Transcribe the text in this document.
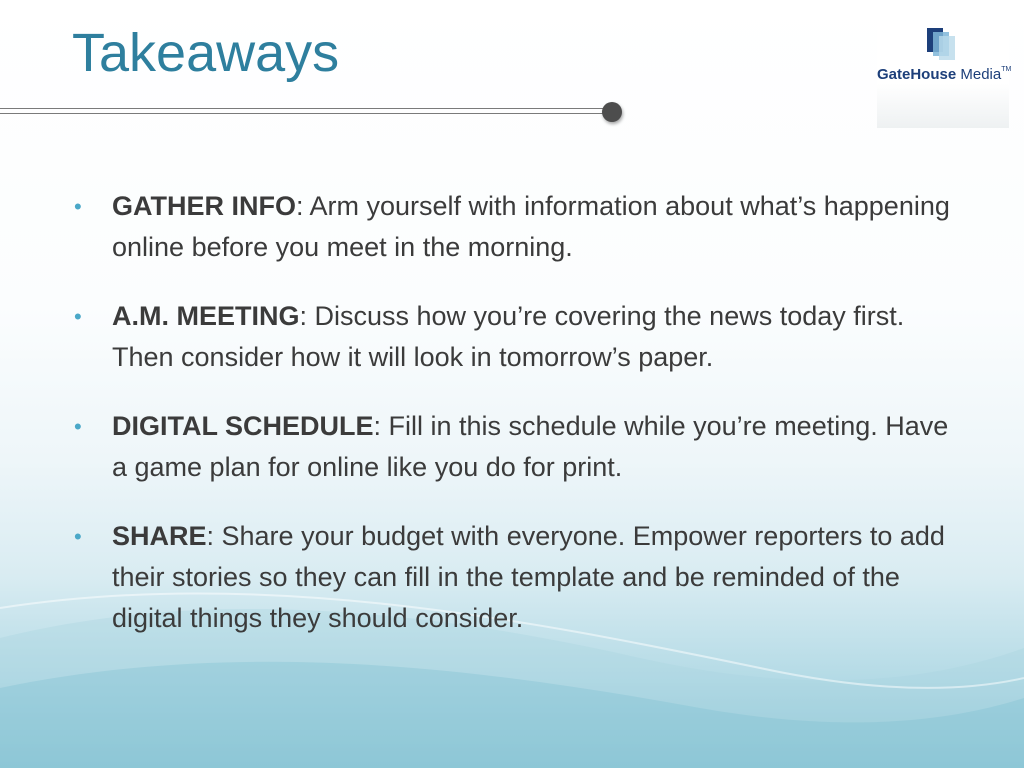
Takeaways	GateHouse Media™
• GATHER INFO: Arm yourself with information about what’s happening online before you meet in the morning.
• A.M. MEETING: Discuss how you’re covering the news today first. Then consider how it will look in tomorrow’s paper.
• DIGITAL SCHEDULE: Fill in this schedule while you’re meeting. Have a game plan for online like you do for print.
• SHARE: Share your budget with everyone. Empower reporters to add their stories so they can fill in the template and be reminded of the digital things they should consider.
